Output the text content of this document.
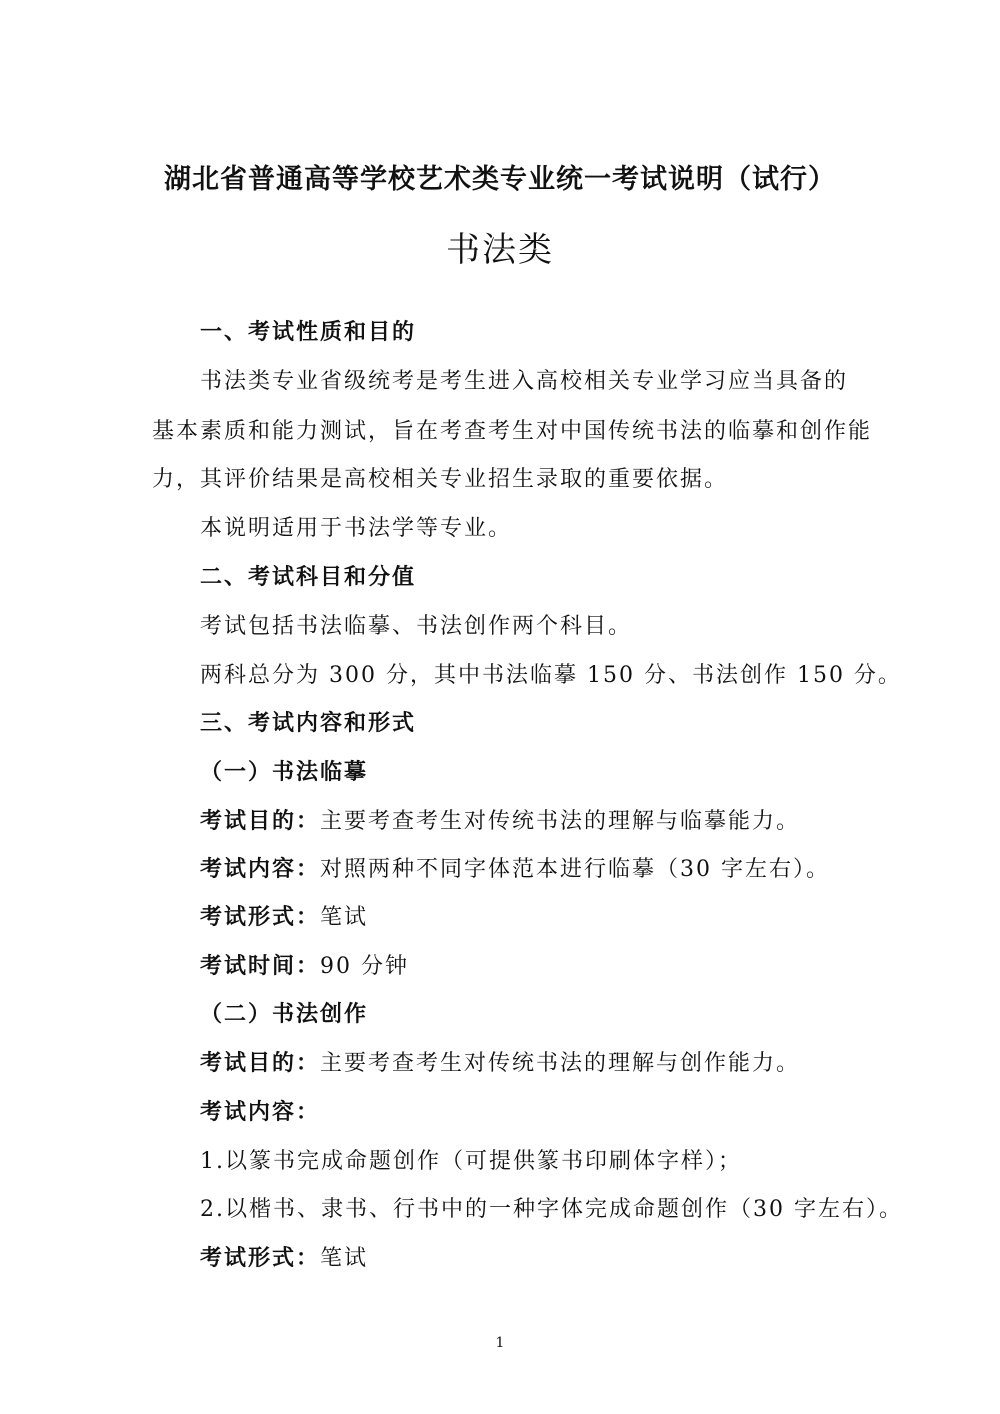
湖北省普通高等学校艺术类专业统一考试说明（试行）
书法类
一、考试性质和目的
书法类专业省级统考是考生进入高校相关专业学习应当具备的
基本素质和能力测试，旨在考查考生对中国传统书法的临摹和创作能
力，其评价结果是高校相关专业招生录取的重要依据。
本说明适用于书法学等专业。
二、考试科目和分值
考试包括书法临摹、书法创作两个科目。
两科总分为 300 分，其中书法临摹 150 分、书法创作 150 分。
三、考试内容和形式
（一）书法临摹
考试目的：主要考查考生对传统书法的理解与临摹能力。
考试内容：对照两种不同字体范本进行临摹（30 字左右）。
考试形式：笔试
考试时间：90 分钟
（二）书法创作
考试目的：主要考查考生对传统书法的理解与创作能力。
考试内容：
1.以篆书完成命题创作（可提供篆书印刷体字样）；
2.以楷书、隶书、行书中的一种字体完成命题创作（30 字左右）。
考试形式：笔试
1
